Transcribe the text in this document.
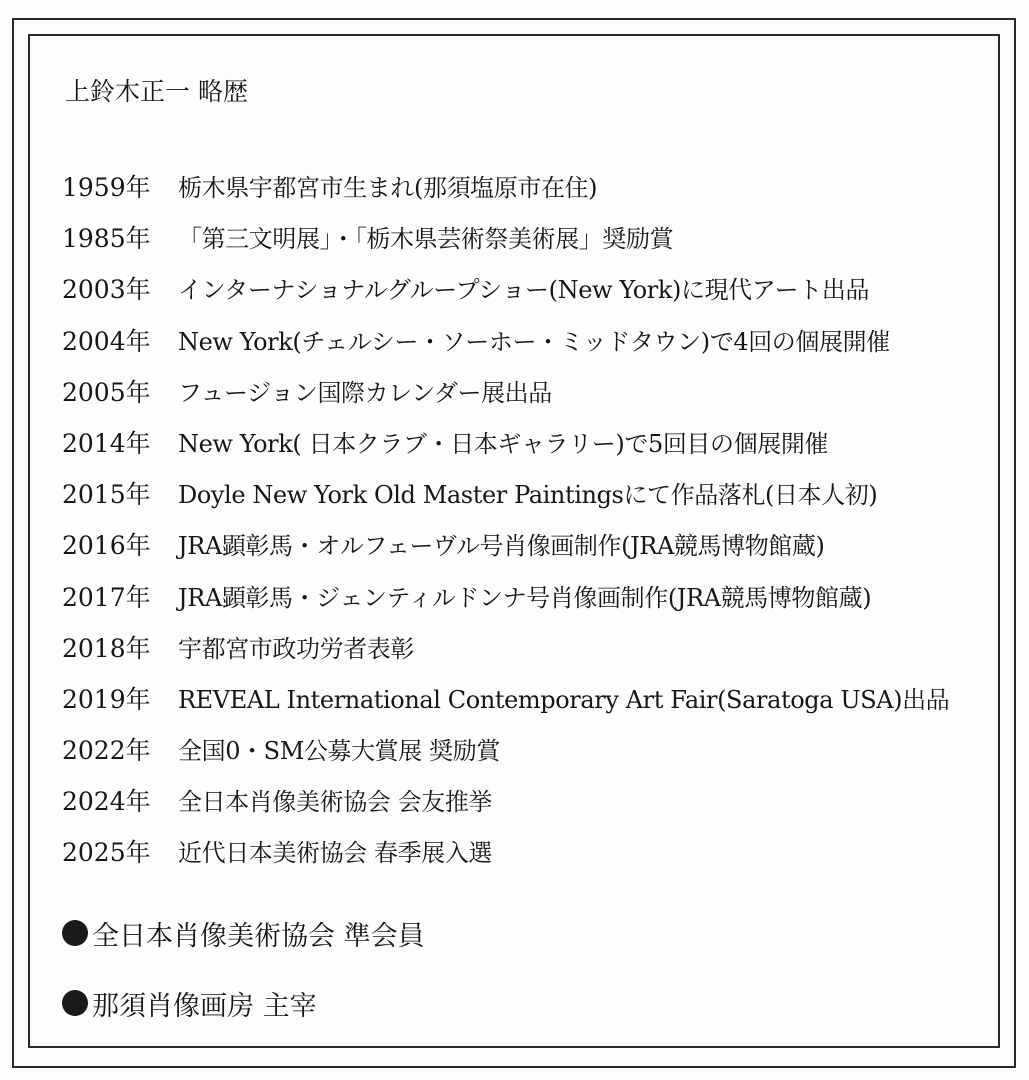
上鈴木正一 略歴
1959年	栃木県宇都宮市生まれ(那須塩原市在住)
1985年	「第三文明展」・「栃木県芸術祭美術展」奨励賞
2003年	インターナショナルグループショー(New York)に現代アート出品
2004年	New York(チェルシー・ソーホー・ミッドタウン)で4回の個展開催
2005年	フュージョン国際カレンダー展出品
2014年	New York( 日本クラブ・日本ギャラリー)で5回目の個展開催
2015年	Doyle New York Old Master Paintingsにて作品落札(日本人初)
2016年	JRA顕彰馬・オルフェーヴル号肖像画制作(JRA競馬博物館蔵)
2017年	JRA顕彰馬・ジェンティルドンナ号肖像画制作(JRA競馬博物館蔵)
2018年	宇都宮市政功労者表彰
2019年	REVEAL International Contemporary Art Fair(Saratoga USA)出品
2022年	全国0・SM公募大賞展 奨励賞
2024年	全日本肖像美術協会 会友推挙
2025年	近代日本美術協会 春季展入選
全日本肖像美術協会 準会員
那須肖像画房 主宰
